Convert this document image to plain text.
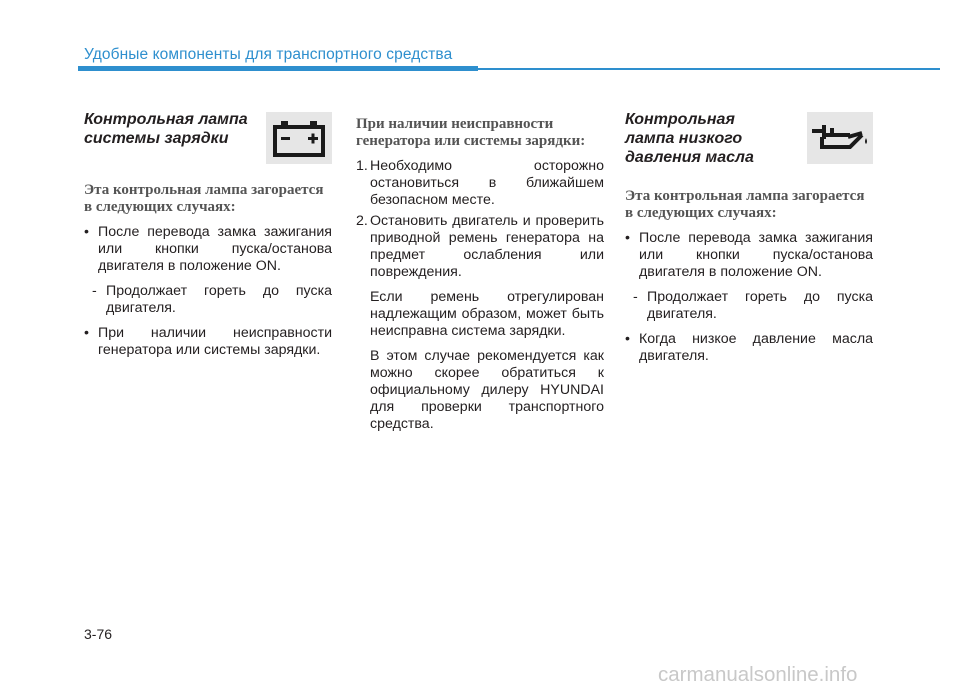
Удобные компоненты для транспортного средства

Контрольная лампа системы зарядки

Эта контрольная лампа загорается в следующих случаях:

• После перевода замка зажигания или кнопки пуска/останова двигателя в положение ON.

- Продолжает гореть до пуска двигателя.

• При наличии неисправности генератора или системы зарядки.

При наличии неисправности генератора или системы зарядки:

1. Необходимо осторожно остановиться в ближайшем безопасном месте.
2. Остановить двигатель и проверить приводной ремень генератора на предмет ослабления или повреждения.

Если ремень отрегулирован надлежащим образом, может быть неисправна система зарядки.

В этом случае рекомендуется как можно скорее обратиться к официальному дилеру HYUNDAI для проверки транспортного средства.

Контрольная лампа низкого давления масла

Эта контрольная лампа загорается в следующих случаях:

• После перевода замка зажигания или кнопки пуска/останова двигателя в положение ON.

- Продолжает гореть до пуска двигателя.

• Когда низкое давление масла двигателя.

3-76
carmanualsonline.info
